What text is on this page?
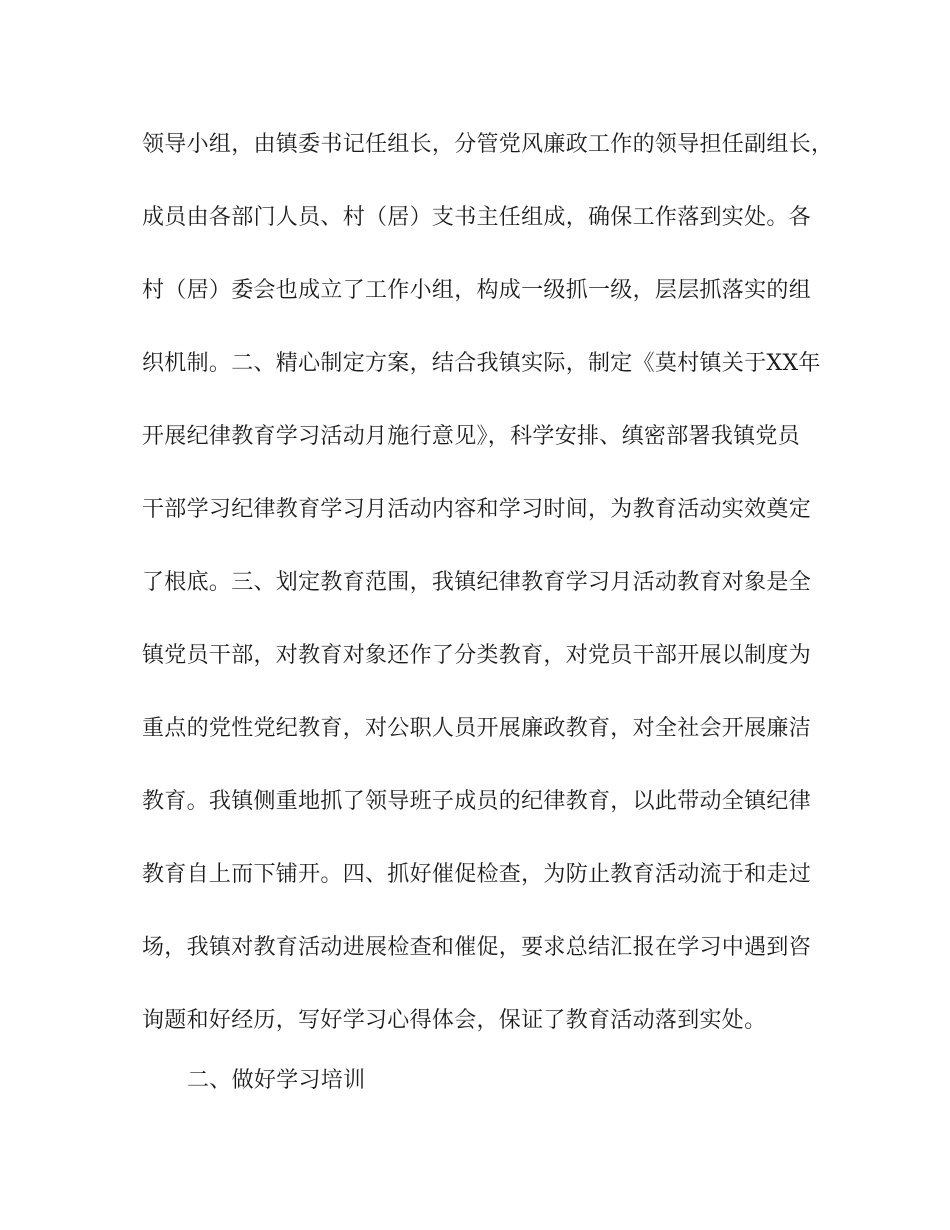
领导小组，由镇委书记任组长，分管党风廉政工作的领导担任副组长，
成员由各部门人员、村（居）支书主任组成，确保工作落到实处。各
村（居）委会也成立了工作小组，构成一级抓一级，层层抓落实的组
织机制。二、精心制定方案，结合我镇实际，制定《莫村镇关于XX年
开展纪律教育学习活动月施行意见》，科学安排、缜密部署我镇党员
干部学习纪律教育学习月活动内容和学习时间，为教育活动实效奠定
了根底。三、划定教育范围，我镇纪律教育学习月活动教育对象是全
镇党员干部，对教育对象还作了分类教育，对党员干部开展以制度为
重点的党性党纪教育，对公职人员开展廉政教育，对全社会开展廉洁
教育。我镇侧重地抓了领导班子成员的纪律教育，以此带动全镇纪律
教育自上而下铺开。四、抓好催促检查，为防止教育活动流于和走过
场，我镇对教育活动进展检查和催促，要求总结汇报在学习中遇到咨
询题和好经历，写好学习心得体会，保证了教育活动落到实处。
二、做好学习培训
